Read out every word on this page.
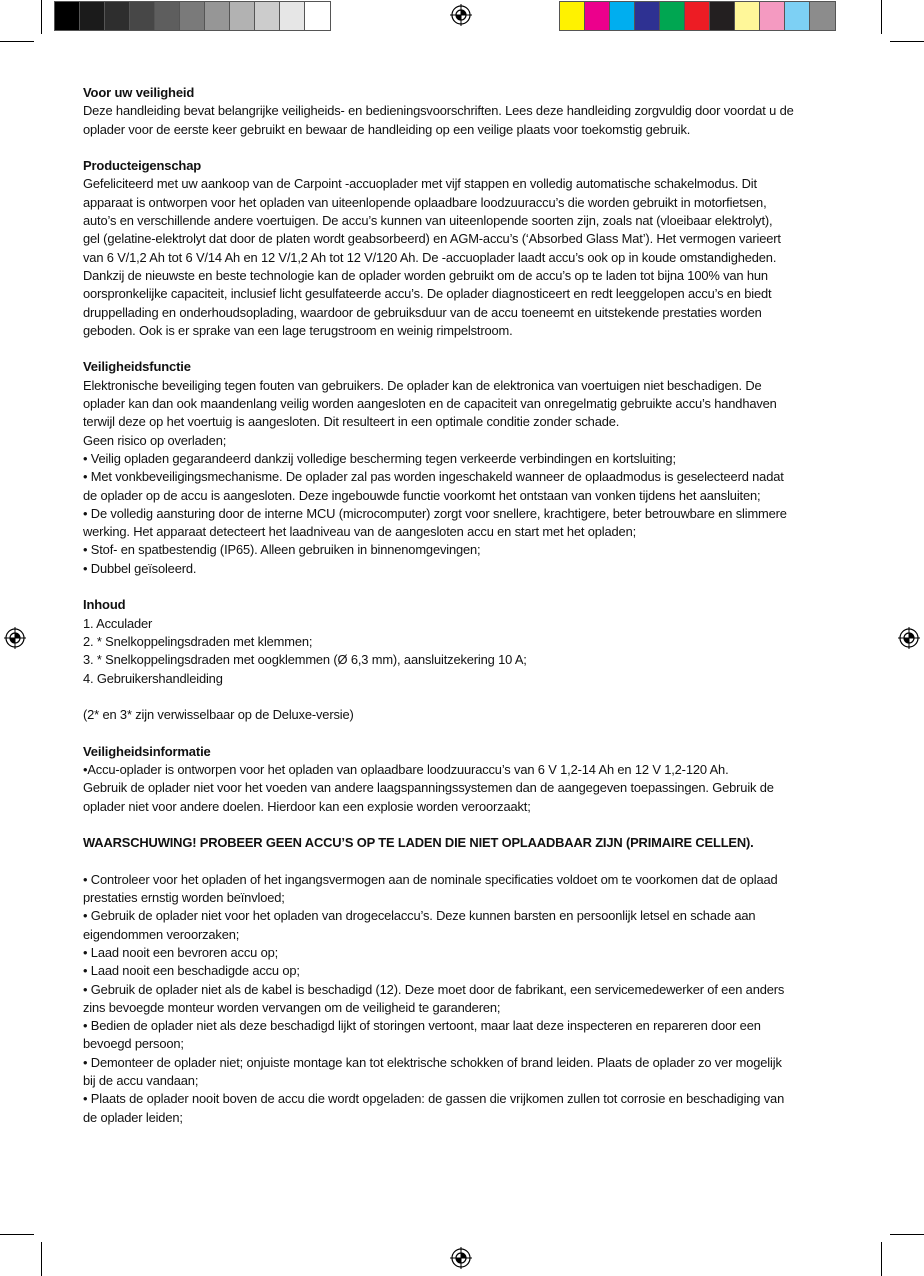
Voor uw veiligheid

Deze handleiding bevat belangrijke veiligheids- en bedieningsvoorschriften. Lees deze handleiding zorgvuldig door voordat u de

oplader voor de eerste keer gebruikt en bewaar de handleiding op een veilige plaats voor toekomstig gebruik.

Producteigenschap

Gefeliciteerd met uw aankoop van de Carpoint -accuoplader met vijf stappen en volledig automatische schakelmodus. Dit

apparaat is ontworpen voor het opladen van uiteenlopende oplaadbare loodzuuraccu’s die worden gebruikt in motorfietsen,

auto’s en verschillende andere voertuigen. De accu’s kunnen van uiteenlopende soorten zijn, zoals nat (vloeibaar elektrolyt),

gel (gelatine-elektrolyt dat door de platen wordt geabsorbeerd) en AGM-accu’s (‘Absorbed Glass Mat’). Het vermogen varieert

van 6 V/1,2 Ah tot 6 V/14 Ah en 12 V/1,2 Ah tot 12 V/120 Ah. De -accuoplader laadt accu’s ook op in koude omstandigheden.

Dankzij de nieuwste en beste technologie kan de oplader worden gebruikt om de accu’s op te laden tot bijna 100% van hun

oorspronkelijke capaciteit, inclusief licht gesulfateerde accu’s. De oplader diagnosticeert en redt leeggelopen accu’s en biedt

druppellading en onderhoudsoplading, waardoor de gebruiksduur van de accu toeneemt en uitstekende prestaties worden

geboden. Ook is er sprake van een lage terugstroom en weinig rimpelstroom.

Veiligheidsfunctie

Elektronische beveiliging tegen fouten van gebruikers. De oplader kan de elektronica van voertuigen niet beschadigen. De

oplader kan dan ook maandenlang veilig worden aangesloten en de capaciteit van onregelmatig gebruikte accu’s handhaven

terwijl deze op het voertuig is aangesloten. Dit resulteert in een optimale conditie zonder schade.

Geen risico op overladen;

• Veilig opladen gegarandeerd dankzij volledige bescherming tegen verkeerde verbindingen en kortsluiting;

• Met vonkbeveiligingsmechanisme. De oplader zal pas worden ingeschakeld wanneer de oplaadmodus is geselecteerd nadat

de oplader op de accu is aangesloten. Deze ingebouwde functie voorkomt het ontstaan van vonken tijdens het aansluiten;

• De volledig aansturing door de interne MCU (microcomputer) zorgt voor snellere, krachtigere, beter betrouwbare en slimmere

werking. Het apparaat detecteert het laadniveau van de aangesloten accu en start met het opladen;

• Stof- en spatbestendig (IP65). Alleen gebruiken in binnenomgevingen;

• Dubbel geïsoleerd.

Inhoud

1. Acculader

2. * Snelkoppelingsdraden met klemmen;

3. * Snelkoppelingsdraden met oogklemmen (Ø 6,3 mm), aansluitzekering 10 A;

4. Gebruikershandleiding

(2* en 3* zijn verwisselbaar op de Deluxe-versie)

Veiligheidsinformatie

•Accu-oplader is ontworpen voor het opladen van oplaadbare loodzuuraccu’s van 6 V 1,2-14 Ah en 12 V 1,2-120 Ah.

Gebruik de oplader niet voor het voeden van andere laagspanningssystemen dan de aangegeven toepassingen. Gebruik de

oplader niet voor andere doelen. Hierdoor kan een explosie worden veroorzaakt;

WAARSCHUWING! PROBEER GEEN ACCU’S OP TE LADEN DIE NIET OPLAADBAAR ZIJN (PRIMAIRE CELLEN).

• Controleer voor het opladen of het ingangsvermogen aan de nominale specificaties voldoet om te voorkomen dat de oplaad

prestaties ernstig worden beïnvloed;

• Gebruik de oplader niet voor het opladen van drogecelaccu’s. Deze kunnen barsten en persoonlijk letsel en schade aan

eigendommen veroorzaken;

• Laad nooit een bevroren accu op;

• Laad nooit een beschadigde accu op;

• Gebruik de oplader niet als de kabel is beschadigd (12). Deze moet door de fabrikant, een servicemedewerker of een anders

zins bevoegde monteur worden vervangen om de veiligheid te garanderen;

• Bedien de oplader niet als deze beschadigd lijkt of storingen vertoont, maar laat deze inspecteren en repareren door een

bevoegd persoon;

• Demonteer de oplader niet; onjuiste montage kan tot elektrische schokken of brand leiden. Plaats de oplader zo ver mogelijk

bij de accu vandaan;

• Plaats de oplader nooit boven de accu die wordt opgeladen: de gassen die vrijkomen zullen tot corrosie en beschadiging van

de oplader leiden;
